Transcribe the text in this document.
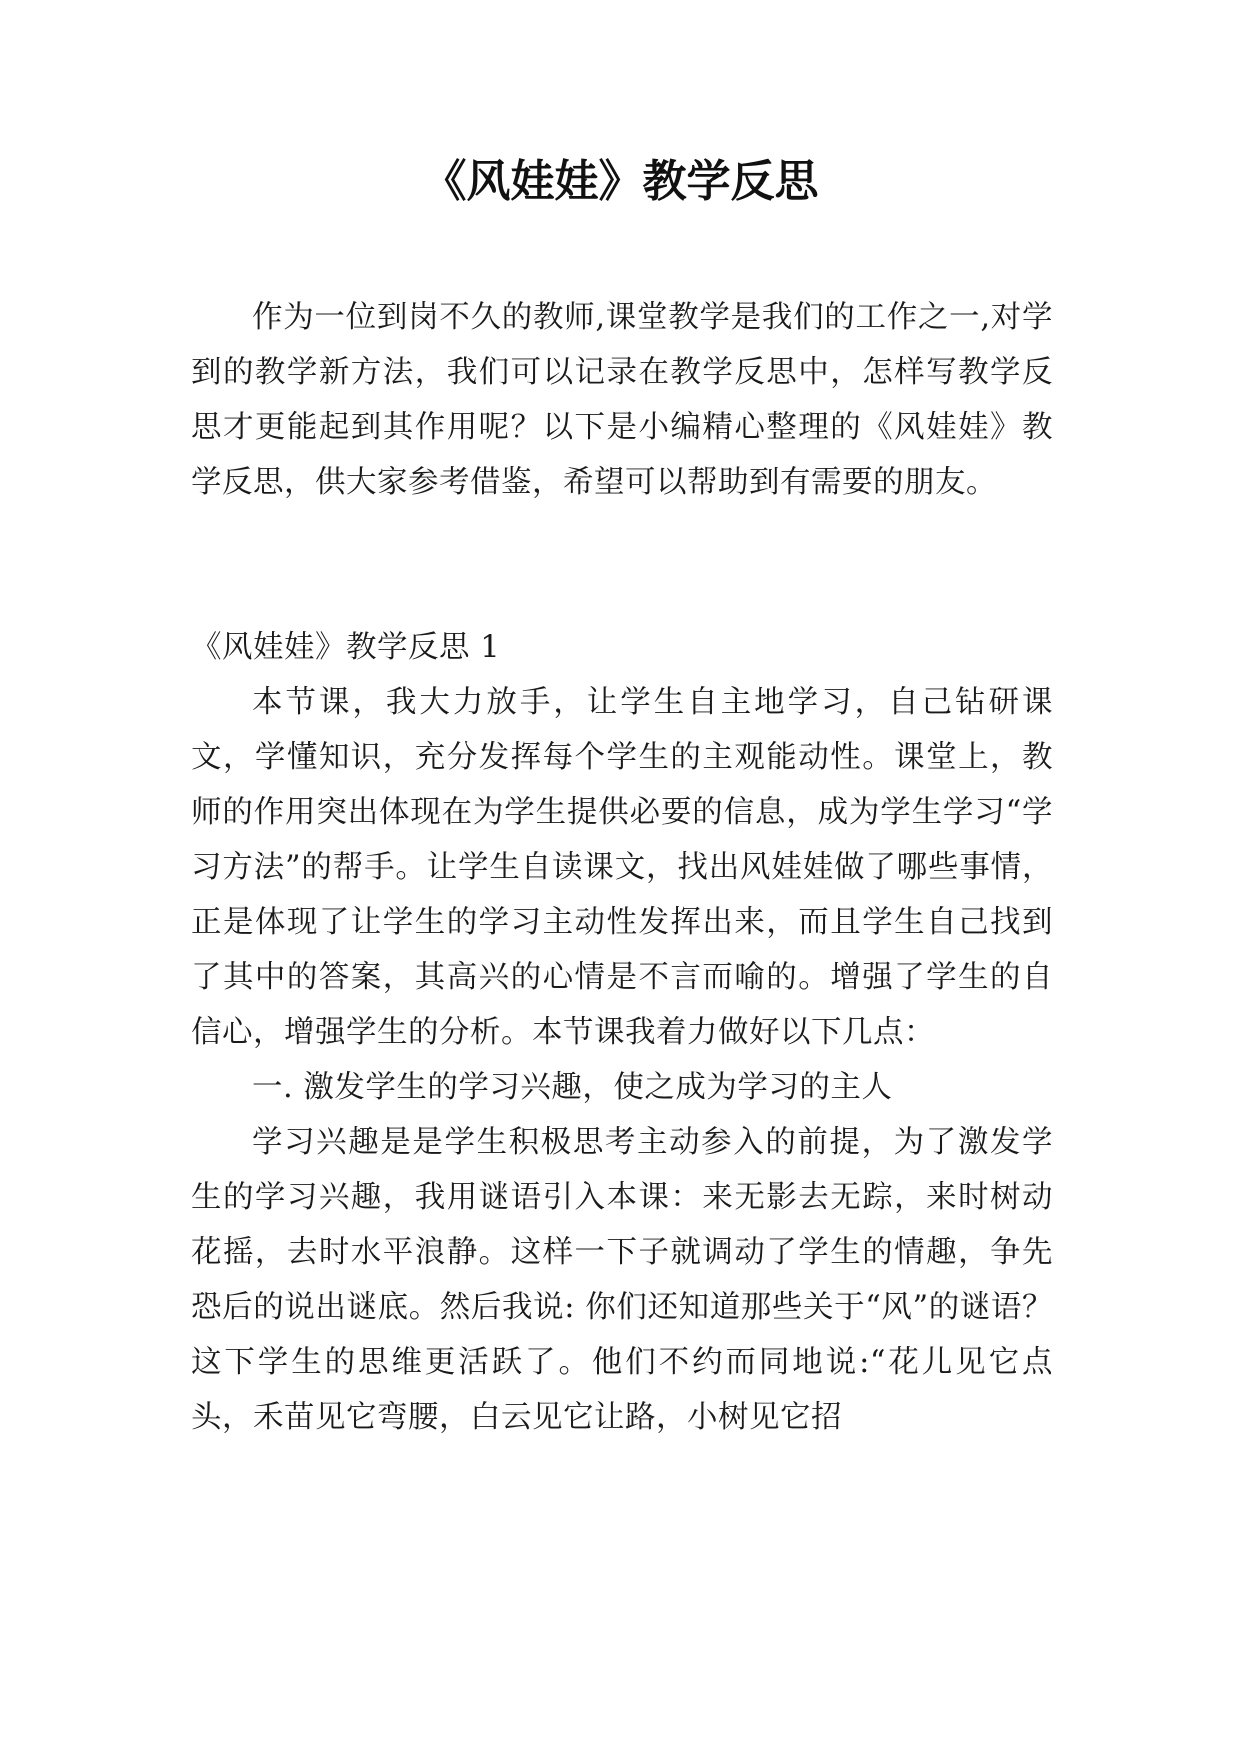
《风娃娃》教学反思

作为一位到岗不久的教师,课堂教学是我们的工作之一,对学到的教学新方法，我们可以记录在教学反思中，怎样写教学反思才更能起到其作用呢？以下是小编精心整理的《风娃娃》教学反思，供大家参考借鉴，希望可以帮助到有需要的朋友。

《风娃娃》教学反思 1

本节课，我大力放手，让学生自主地学习，自己钻研课文，学懂知识，充分发挥每个学生的主观能动性。课堂上，教师的作用突出体现在为学生提供必要的信息，成为学生学习“学习方法”的帮手。让学生自读课文，找出风娃娃做了哪些事情，正是体现了让学生的学习主动性发挥出来，而且学生自己找到了其中的答案，其高兴的心情是不言而喻的。增强了学生的自信心，增强学生的分析。本节课我着力做好以下几点：

一. 激发学生的学习兴趣，使之成为学习的主人

学习兴趣是是学生积极思考主动参入的前提，为了激发学生的学习兴趣，我用谜语引入本课：来无影去无踪，来时树动花摇，去时水平浪静。这样一下子就调动了学生的情趣，争先恐后的说出谜底。然后我说: 你们还知道那些关于“风”的谜语？这下学生的思维更活跃了。他们不约而同地说:“花儿见它点头，禾苗见它弯腰，白云见它让路，小树见它招
